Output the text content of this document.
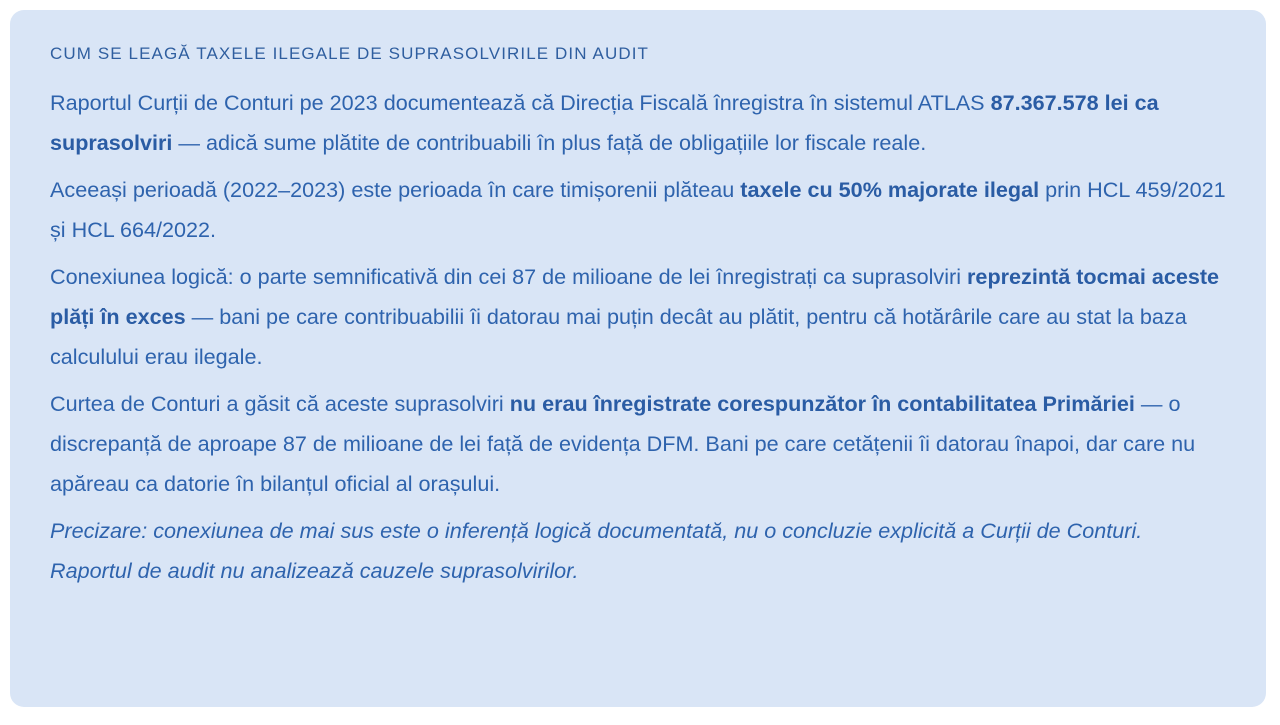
CUM SE LEAGĂ TAXELE ILEGALE DE SUPRASOLVIRILE DIN AUDIT

Raportul Curții de Conturi pe 2023 documentează că Direcția Fiscală înregistra în sistemul ATLAS 87.367.578 lei ca suprasolviri — adică sume plătite de contribuabili în plus față de obligațiile lor fiscale reale.

Aceeași perioadă (2022–2023) este perioada în care timișorenii plăteau taxele cu 50% majorate ilegal prin HCL 459/2021 și HCL 664/2022.

Conexiunea logică: o parte semnificativă din cei 87 de milioane de lei înregistrați ca suprasolviri reprezintă tocmai aceste plăți în exces — bani pe care contribuabilii îi datorau mai puțin decât au plătit, pentru că hotărârile care au stat la baza calculului erau ilegale.

Curtea de Conturi a găsit că aceste suprasolviri nu erau înregistrate corespunzător în contabilitatea Primăriei — o discrepanță de aproape 87 de milioane de lei față de evidența DFM. Bani pe care cetățenii îi datorau înapoi, dar care nu apăreau ca datorie în bilanțul oficial al orașului.

Precizare: conexiunea de mai sus este o inferență logică documentată, nu o concluzie explicită a Curții de Conturi. Raportul de audit nu analizează cauzele suprasolvirilor.
